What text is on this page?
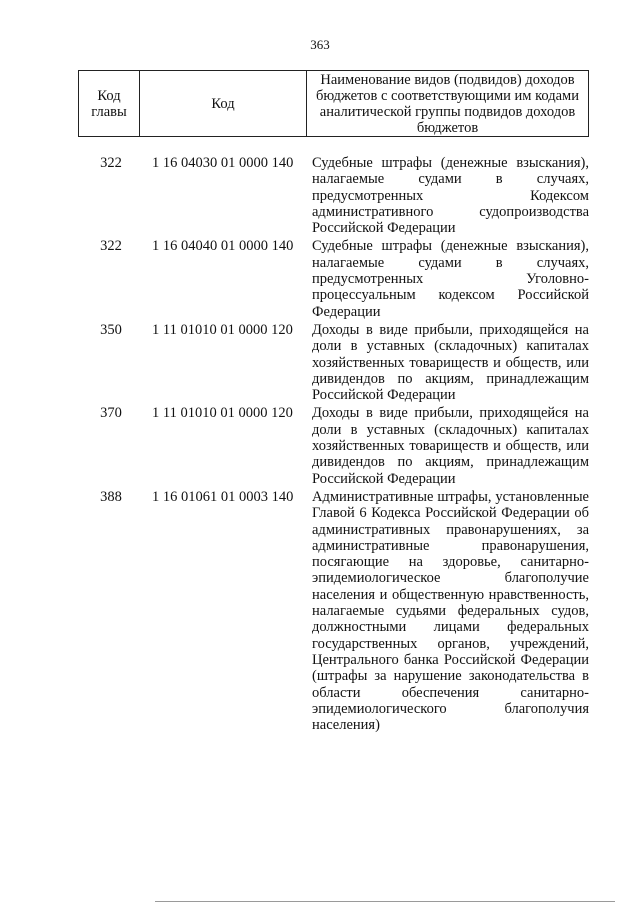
363
Код главы	Код	Наименование видов (подвидов) доходов бюджетов с соответствующими им кодами аналитической группы подвидов доходов бюджетов
322	1 16 04030 01 0000 140	Судебные штрафы (денежные взыскания), налагаемые судами в случаях, предусмотренных Кодексом административного судопроизводства Российской Федерации
322	1 16 04040 01 0000 140	Судебные штрафы (денежные взыскания), налагаемые судами в случаях, предусмотренных Уголовно-процессуальным кодексом Российской Федерации
350	1 11 01010 01 0000 120	Доходы в виде прибыли, приходящейся на доли в уставных (складочных) капиталах хозяйственных товариществ и обществ, или дивидендов по акциям, принадлежащим Российской Федерации
370	1 11 01010 01 0000 120	Доходы в виде прибыли, приходящейся на доли в уставных (складочных) капиталах хозяйственных товариществ и обществ, или дивидендов по акциям, принадлежащим Российской Федерации
388	1 16 01061 01 0003 140	Административные штрафы, установленные Главой 6 Кодекса Российской Федерации об административных правонарушениях, за административные правонарушения, посягающие на здоровье, санитарно-эпидемиологическое благополучие населения и общественную нравственность, налагаемые судьями федеральных судов, должностными лицами федеральных государственных органов, учреждений, Центрального банка Российской Федерации (штрафы за нарушение законодательства в области обеспечения санитарно-эпидемиологического благополучия населения)
